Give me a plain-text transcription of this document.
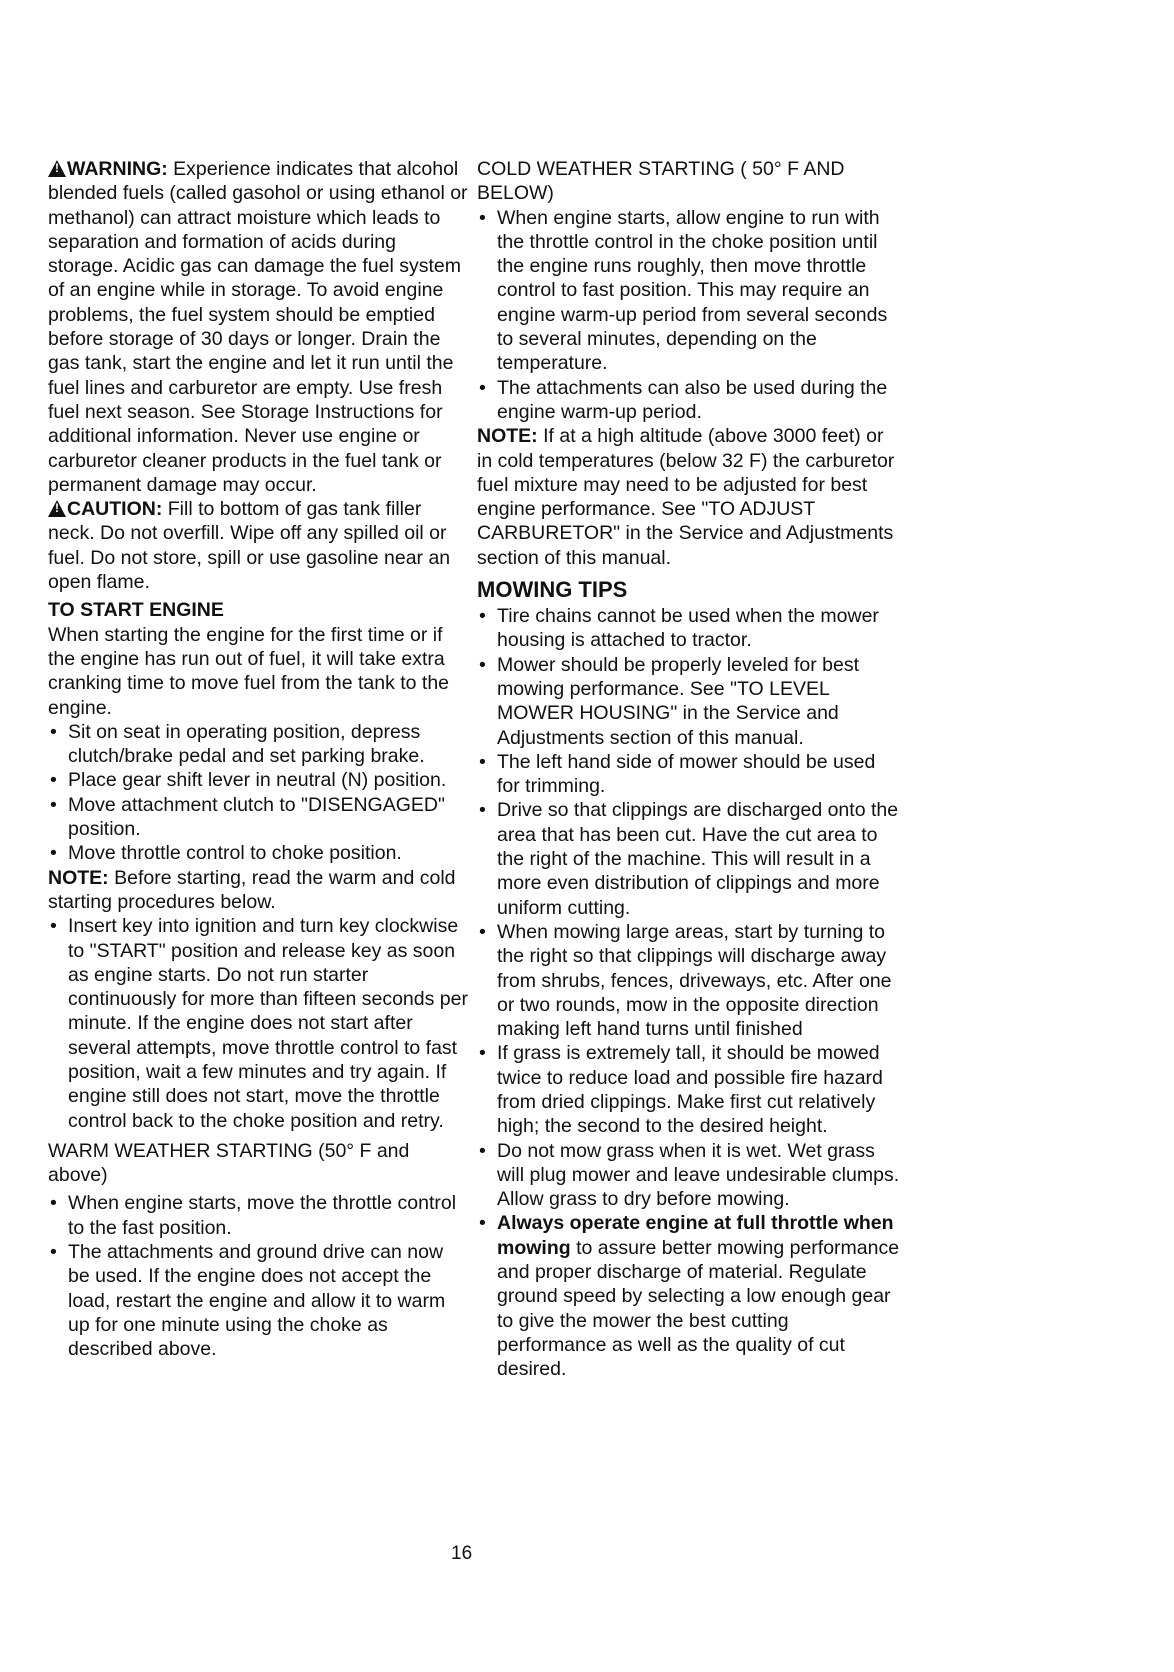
!WARNING: Experience indicates that alcohol blended fuels (called gasohol or using ethanol or methanol) can attract moisture which leads to separation and formation of acids during storage. Acidic gas can damage the fuel system of an engine while in storage. To avoid engine problems, the fuel system should be emptied before storage of 30 days or longer. Drain the gas tank, start the engine and let it run until the fuel lines and carburetor are empty. Use fresh fuel next season. See Storage Instructions for additional information. Never use engine or carburetor cleaner products in the fuel tank or permanent damage may occur.

!CAUTION: Fill to bottom of gas tank filler neck. Do not overfill. Wipe off any spilled oil or fuel. Do not store, spill or use gasoline near an open flame.

TO START ENGINE

When starting the engine for the first time or if the engine has run out of fuel, it will take extra cranking time to move fuel from the tank to the engine.

• Sit on seat in operating position, depress clutch/brake pedal and set parking brake.
• Place gear shift lever in neutral (N) position.
• Move attachment clutch to "DISENGAGED" position.
• Move throttle control to choke position.

NOTE: Before starting, read the warm and cold starting procedures below.

• Insert key into ignition and turn key clockwise to "START" position and release key as soon as engine starts. Do not run starter continuously for more than fifteen seconds per minute. If the engine does not start after several attempts, move throttle control to fast position, wait a few minutes and try again. If engine still does not start, move the throttle control back to the choke position and retry.

WARM WEATHER STARTING (50° F and above)

• When engine starts, move the throttle control to the fast position.
• The attachments and ground drive can now be used. If the engine does not accept the load, restart the engine and allow it to warm up for one minute using the choke as described above.

COLD WEATHER STARTING ( 50° F AND BELOW)

• When engine starts, allow engine to run with the throttle control in the choke position until the engine runs roughly, then move throttle control to fast position. This may require an engine warm-up period from several seconds to several minutes, depending on the temperature.
• The attachments can also be used during the engine warm-up period.

NOTE: If at a high altitude (above 3000 feet) or in cold temperatures (below 32 F) the carburetor fuel mixture may need to be adjusted for best engine performance. See "TO ADJUST CARBURETOR" in the Service and Adjustments section of this manual.

MOWING TIPS

• Tire chains cannot be used when the mower housing is attached to tractor.
• Mower should be properly leveled for best mowing performance. See "TO LEVEL MOWER HOUSING" in the Service and Adjustments section of this manual.
• The left hand side of mower should be used for trimming.
• Drive so that clippings are discharged onto the area that has been cut. Have the cut area to the right of the machine. This will result in a more even distribution of clippings and more uniform cutting.
• When mowing large areas, start by turning to the right so that clippings will discharge away from shrubs, fences, driveways, etc. After one or two rounds, mow in the opposite direction making left hand turns until finished
• If grass is extremely tall, it should be mowed twice to reduce load and possible fire hazard from dried clippings. Make first cut relatively high; the second to the desired height.
• Do not mow grass when it is wet. Wet grass will plug mower and leave undesirable clumps. Allow grass to dry before mowing.
• Always operate engine at full throttle when mowing to assure better mowing performance and proper discharge of material. Regulate ground speed by selecting a low enough gear to give the mower the best cutting performance as well as the quality of cut desired.
16
